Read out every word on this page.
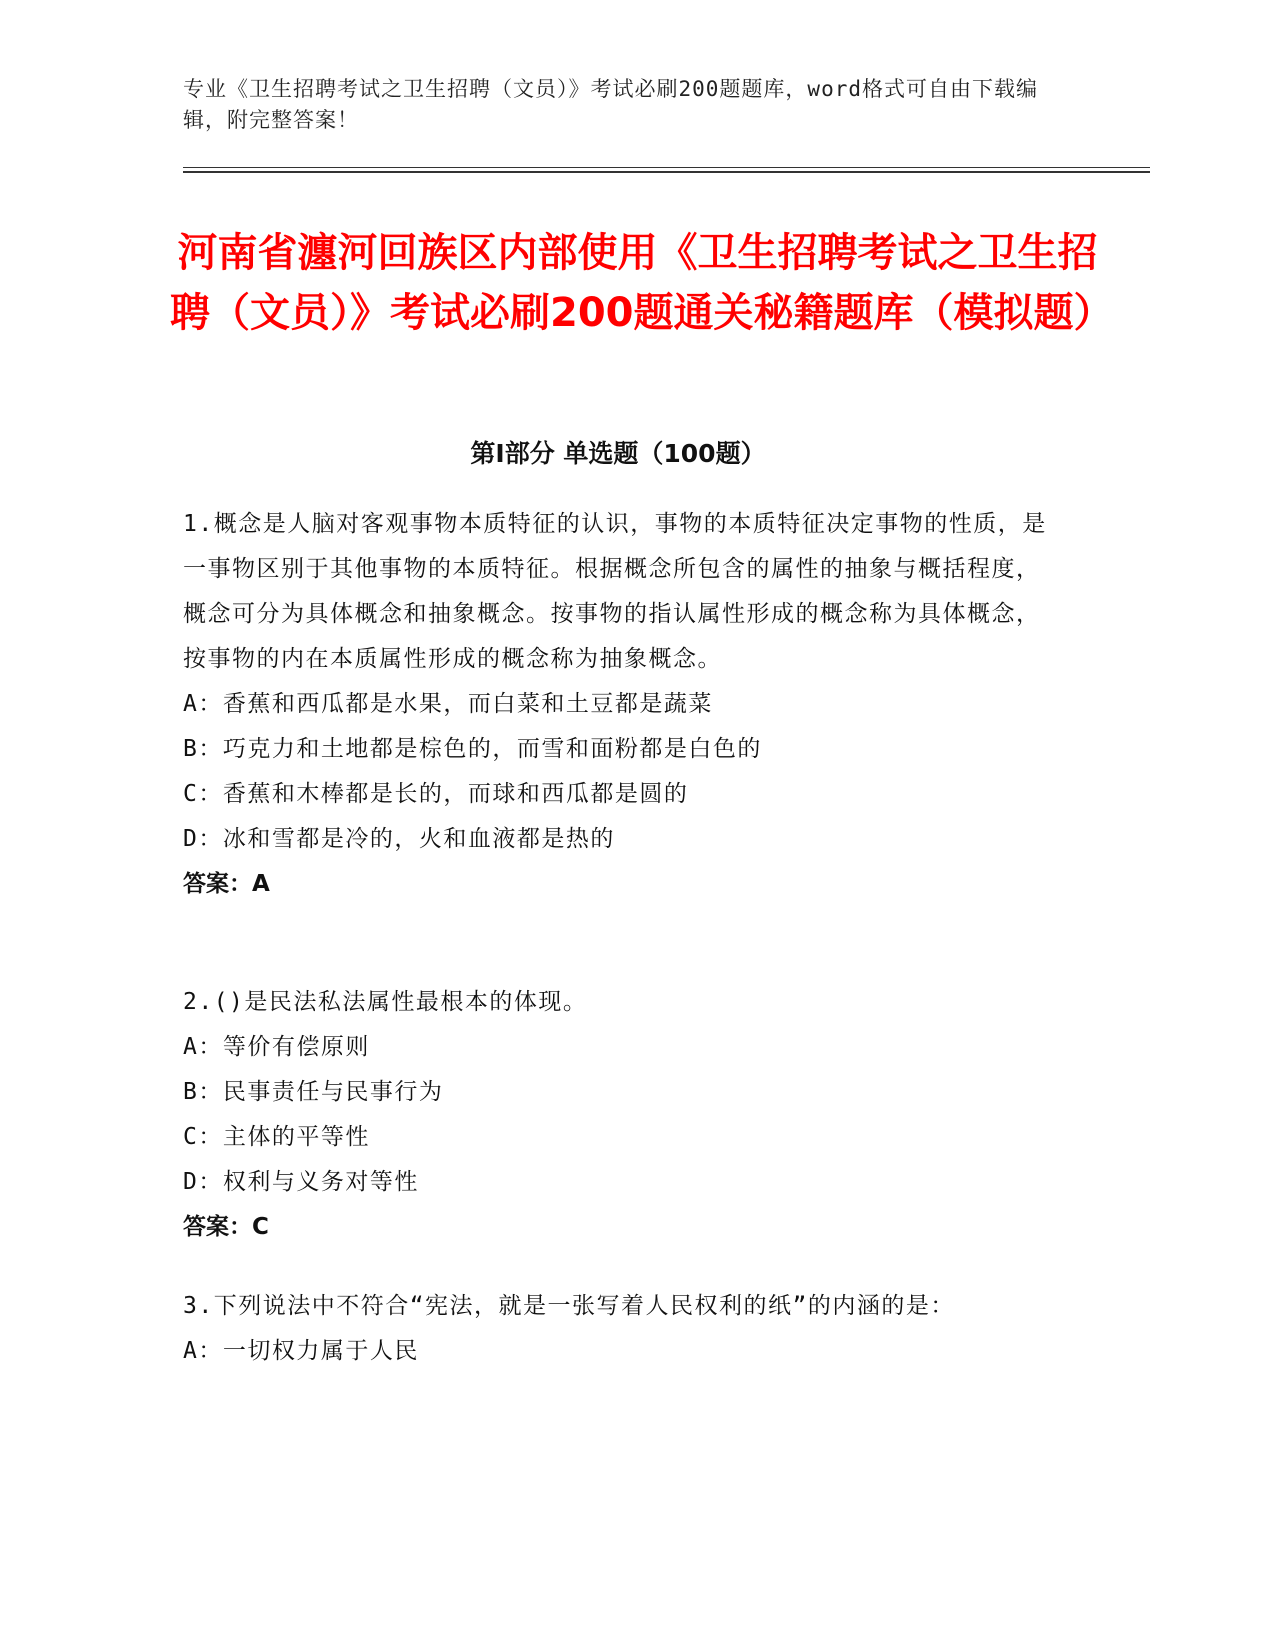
专业《卫生招聘考试之卫生招聘（文员）》考试必刷200题题库，word格式可自由下载编辑，附完整答案！
河南省瀍河回族区内部使用《卫生招聘考试之卫生招聘（文员）》考试必刷200题通关秘籍题库（模拟题）
第Ⅰ部分 单选题（100题）

1.概念是人脑对客观事物本质特征的认识，事物的本质特征决定事物的性质，是一事物区别于其他事物的本质特征。根据概念所包含的属性的抽象与概括程度，概念可分为具体概念和抽象概念。按事物的指认属性形成的概念称为具体概念，按事物的内在本质属性形成的概念称为抽象概念。

A：香蕉和西瓜都是水果，而白菜和土豆都是蔬菜

B：巧克力和土地都是棕色的，而雪和面粉都是白色的

C：香蕉和木棒都是长的，而球和西瓜都是圆的

D：冰和雪都是冷的，火和血液都是热的

答案：A

2.()是民法私法属性最根本的体现。

A：等价有偿原则

B：民事责任与民事行为

C：主体的平等性

D：权利与义务对等性

答案：C

3.下列说法中不符合“宪法，就是一张写着人民权利的纸”的内涵的是：

A：一切权力属于人民
